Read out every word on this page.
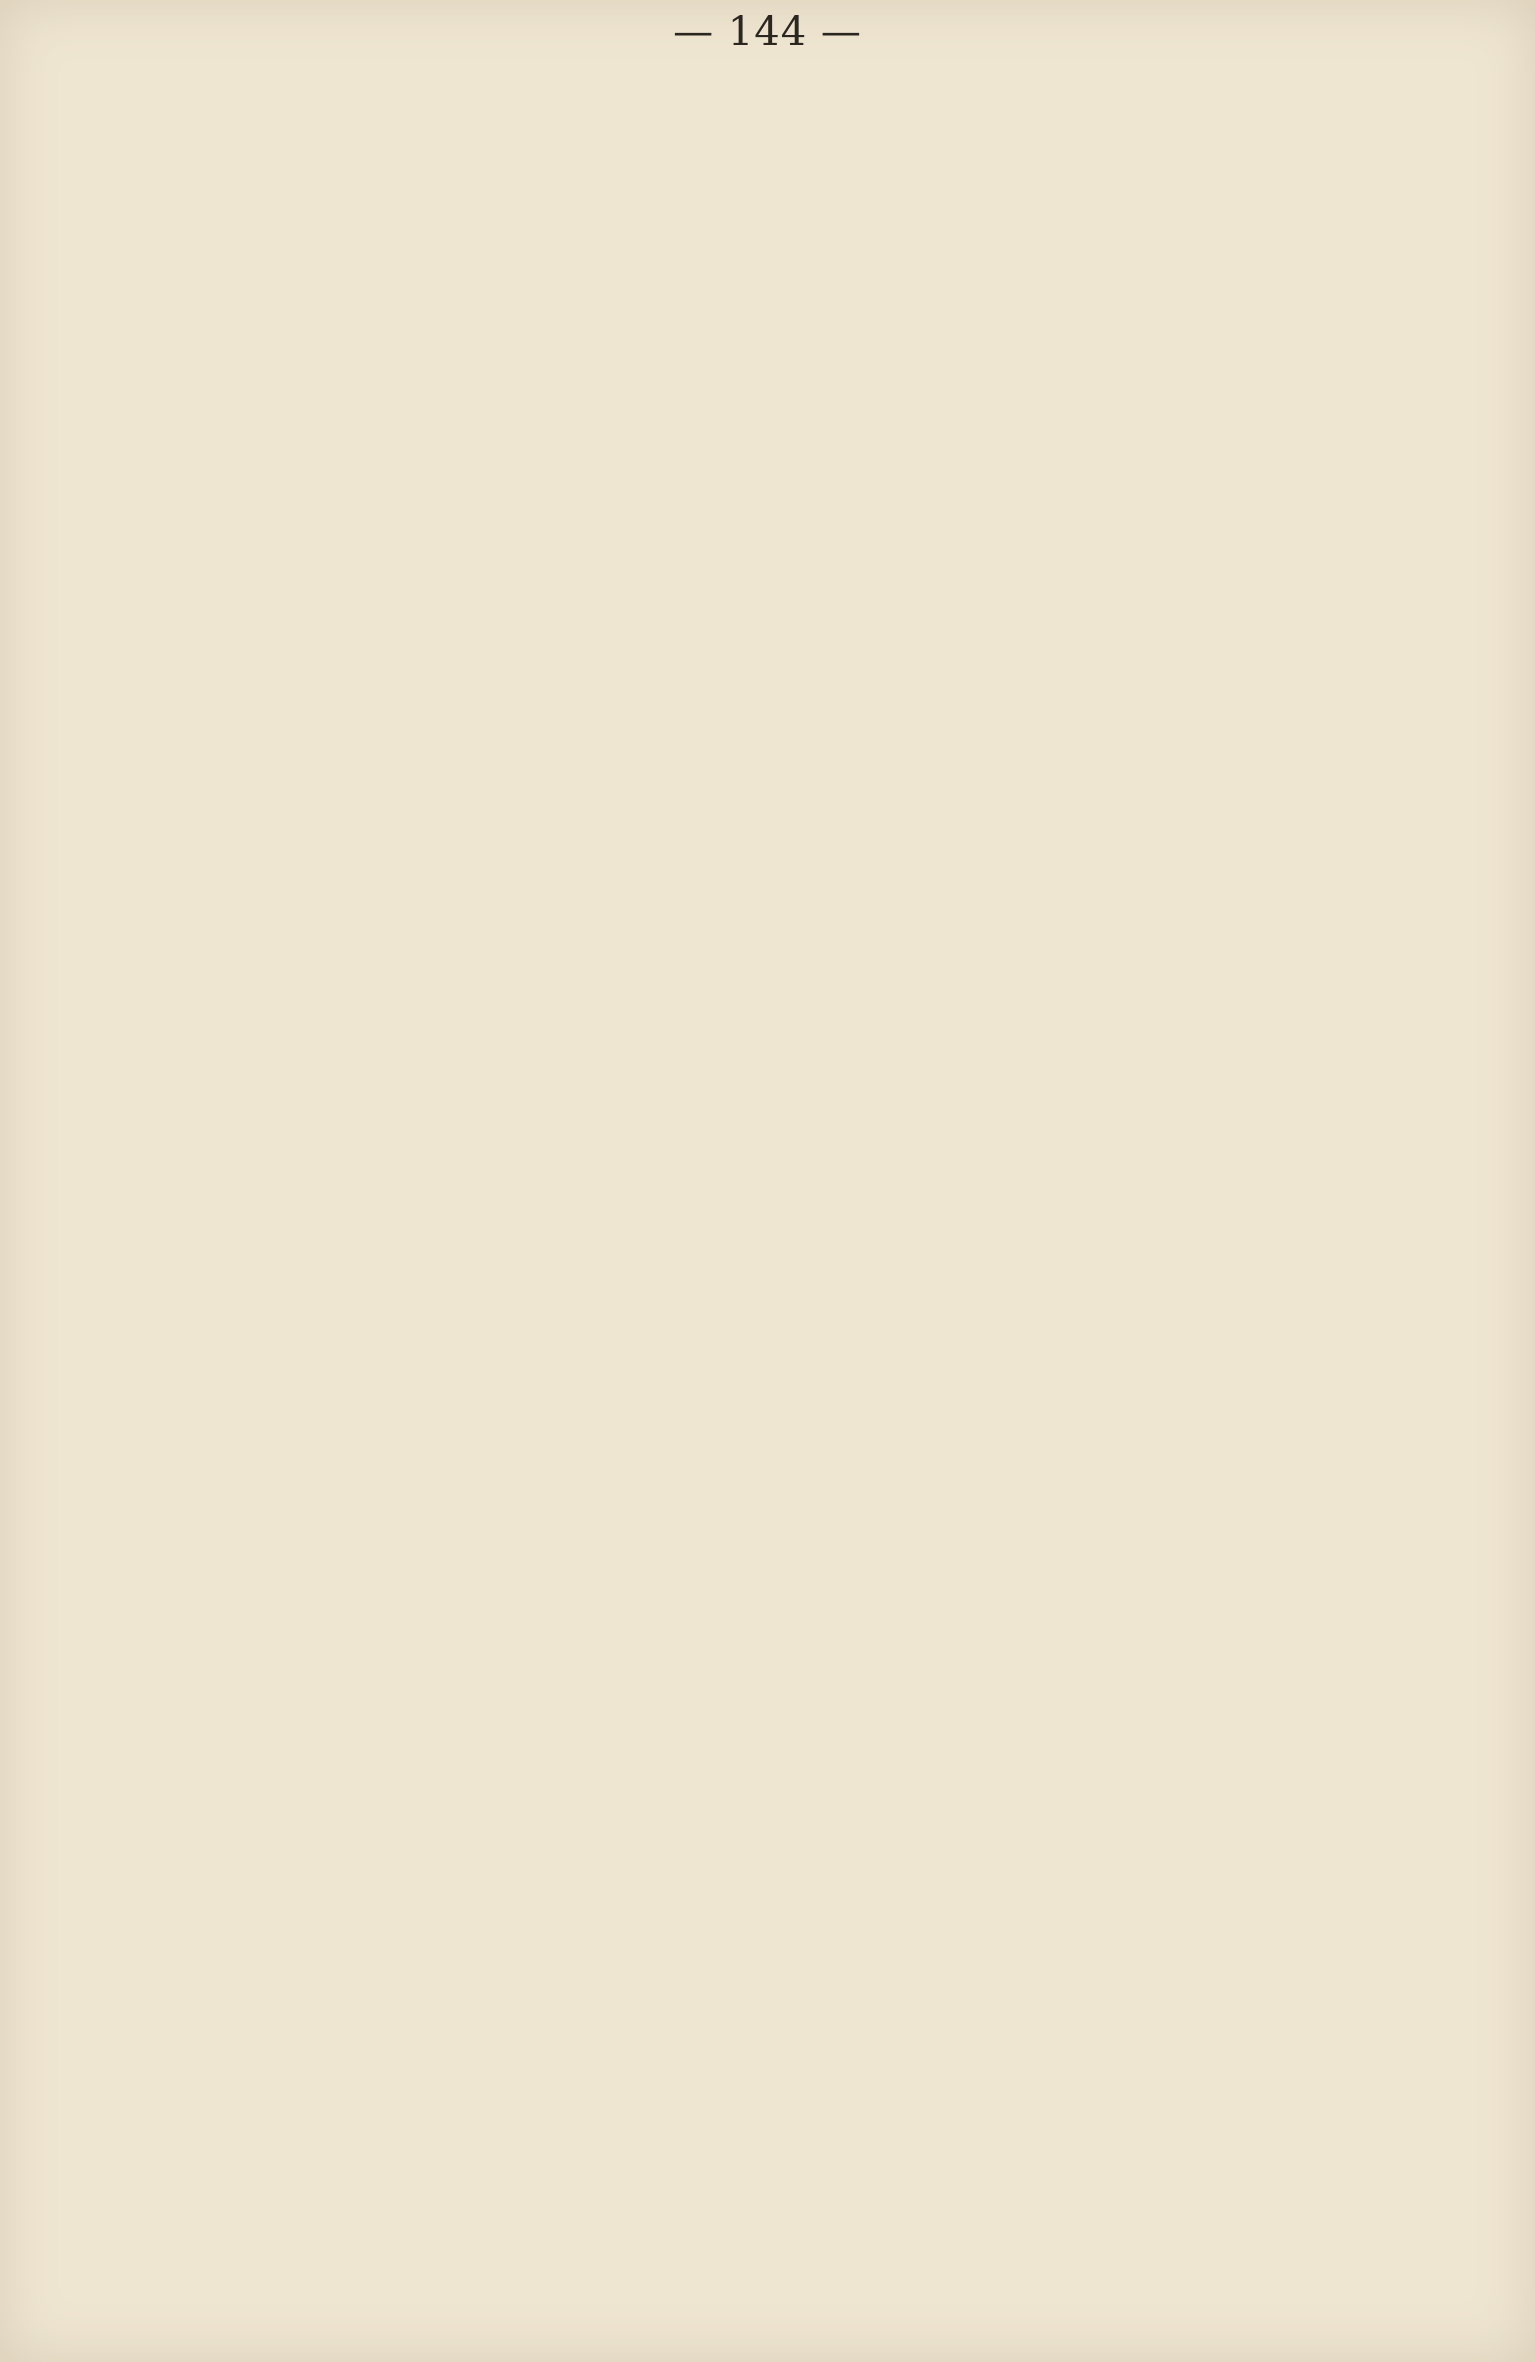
— 144 —
